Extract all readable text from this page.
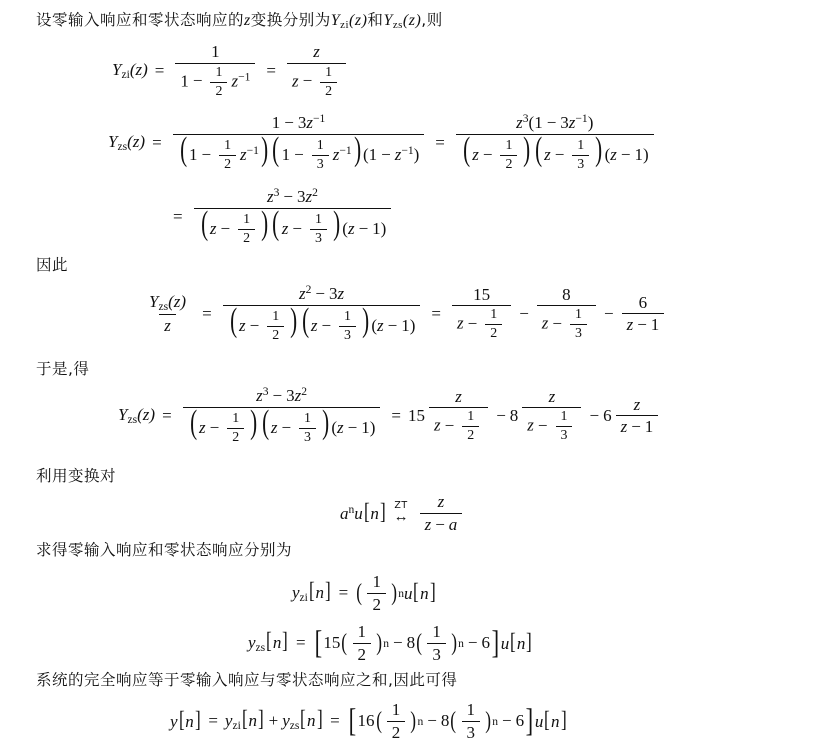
设零输入响应和零状态响应的z变换分别为$Y_{zi}(z)$和$Y_{zs}(z)$,则
$Y_{zi}(z) = \frac{1}{1 - \frac{1}{2} z^{-1}} = \frac{z}{z - \frac{1}{2}}$
$Y_{zs}(z) = \frac{1 - 3z^{-1}}{( 1 - \frac{1}{2} z^{-1}) ( 1 - \frac{1}{3} z^{-1}) (1 - z^{-1})} = \frac{z^3(1 - 3z^{-1})}{( z - \frac{1}{2} ) ( z - \frac{1}{3} ) (z - 1)}$
= $\frac{z^3 - 3z^2}{( z - \frac{1}{2} ) ( z - \frac{1}{3} ) (z - 1)}$
因此
$\frac{Y_{zs}(z)}{z} = \frac{z^2 - 3z}{( z - \frac{1}{2} ) ( z - \frac{1}{3} ) (z - 1)} = \frac{15}{z - \frac{1}{2}} - \frac{8}{z - \frac{1}{3}} - \frac{6}{z - 1}$
于是,得
$Y_{zs}(z) = \frac{z^3 - 3z^2}{( z - \frac{1}{2} ) ( z - \frac{1}{3} ) (z - 1)} = 15 \frac{z}{z - \frac{1}{2}} - 8 \frac{z}{z - \frac{1}{3}} - 6 \frac{z}{z - 1}$
利用变换对
$a^nu[n]$ ZT
↔ $\frac{z}{z - a}$
求得零输入响应和零状态响应分别为
$y_{zi}[n]$ = ( $\frac{1}{2}$ ) n u[n]
$y_{zs}[n]$ = [ 15 ( $\frac{1}{2}$ ) n − 8 ( $\frac{1}{3}$ ) n − 6 ] u[n]
系统的完全响应等于零输入响应与零状态响应之和,因此可得
$y[n] = y_{zi}[n] + y_{zs}[n]$ = [ 16 ( $\frac{1}{2}$ ) n − 8 ( $\frac{1}{3}$ ) n − 6 ] u[n]
